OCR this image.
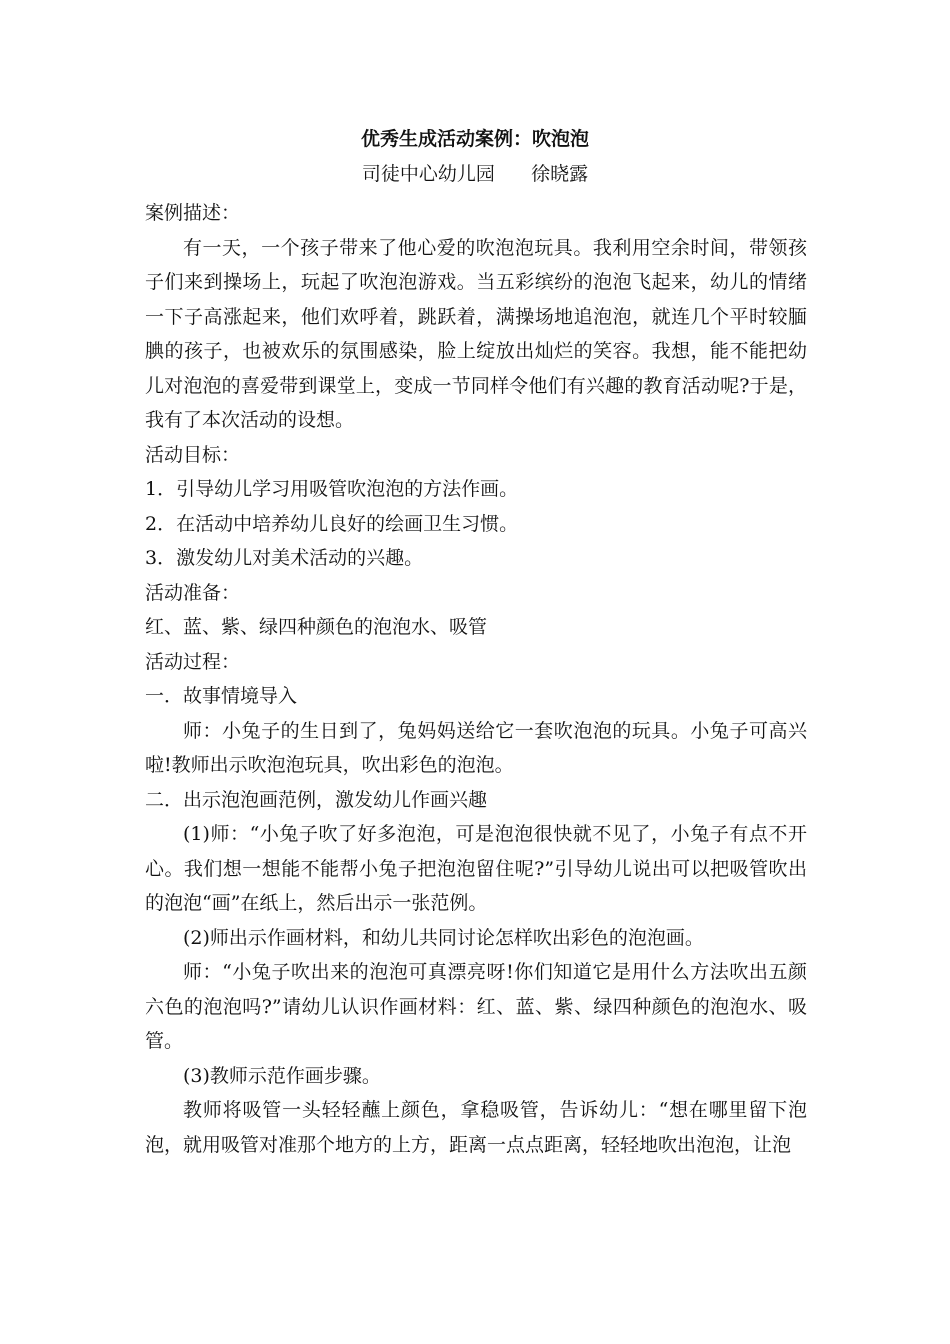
优秀生成活动案例：吹泡泡
司徒中心幼儿园      徐晓露

案例描述：

有一天，一个孩子带来了他心爱的吹泡泡玩具。我利用空余时间，带领孩子们来到操场上，玩起了吹泡泡游戏。当五彩缤纷的泡泡飞起来，幼儿的情绪一下子高涨起来，他们欢呼着，跳跃着，满操场地追泡泡，就连几个平时较腼腆的孩子，也被欢乐的氛围感染，脸上绽放出灿烂的笑容。我想，能不能把幼儿对泡泡的喜爱带到课堂上，变成一节同样令他们有兴趣的教育活动呢?于是，我有了本次活动的设想。

活动目标：

1．引导幼儿学习用吸管吹泡泡的方法作画。

2．在活动中培养幼儿良好的绘画卫生习惯。

3．激发幼儿对美术活动的兴趣。

活动准备：

红、蓝、紫、绿四种颜色的泡泡水、吸管

活动过程：

一．故事情境导入

师：小兔子的生日到了，兔妈妈送给它一套吹泡泡的玩具。小兔子可高兴啦!教师出示吹泡泡玩具，吹出彩色的泡泡。

二．出示泡泡画范例，激发幼儿作画兴趣

(1)师：“小兔子吹了好多泡泡，可是泡泡很快就不见了，小兔子有点不开心。我们想一想能不能帮小兔子把泡泡留住呢?”引导幼儿说出可以把吸管吹出的泡泡“画”在纸上，然后出示一张范例。

(2)师出示作画材料，和幼儿共同讨论怎样吹出彩色的泡泡画。

师：“小兔子吹出来的泡泡可真漂亮呀!你们知道它是用什么方法吹出五颜六色的泡泡吗?”请幼儿认识作画材料：红、蓝、紫、绿四种颜色的泡泡水、吸管。

(3)教师示范作画步骤。

教师将吸管一头轻轻蘸上颜色，拿稳吸管，告诉幼儿：“想在哪里留下泡泡，就用吸管对准那个地方的上方，距离一点点距离，轻轻地吹出泡泡，让泡
